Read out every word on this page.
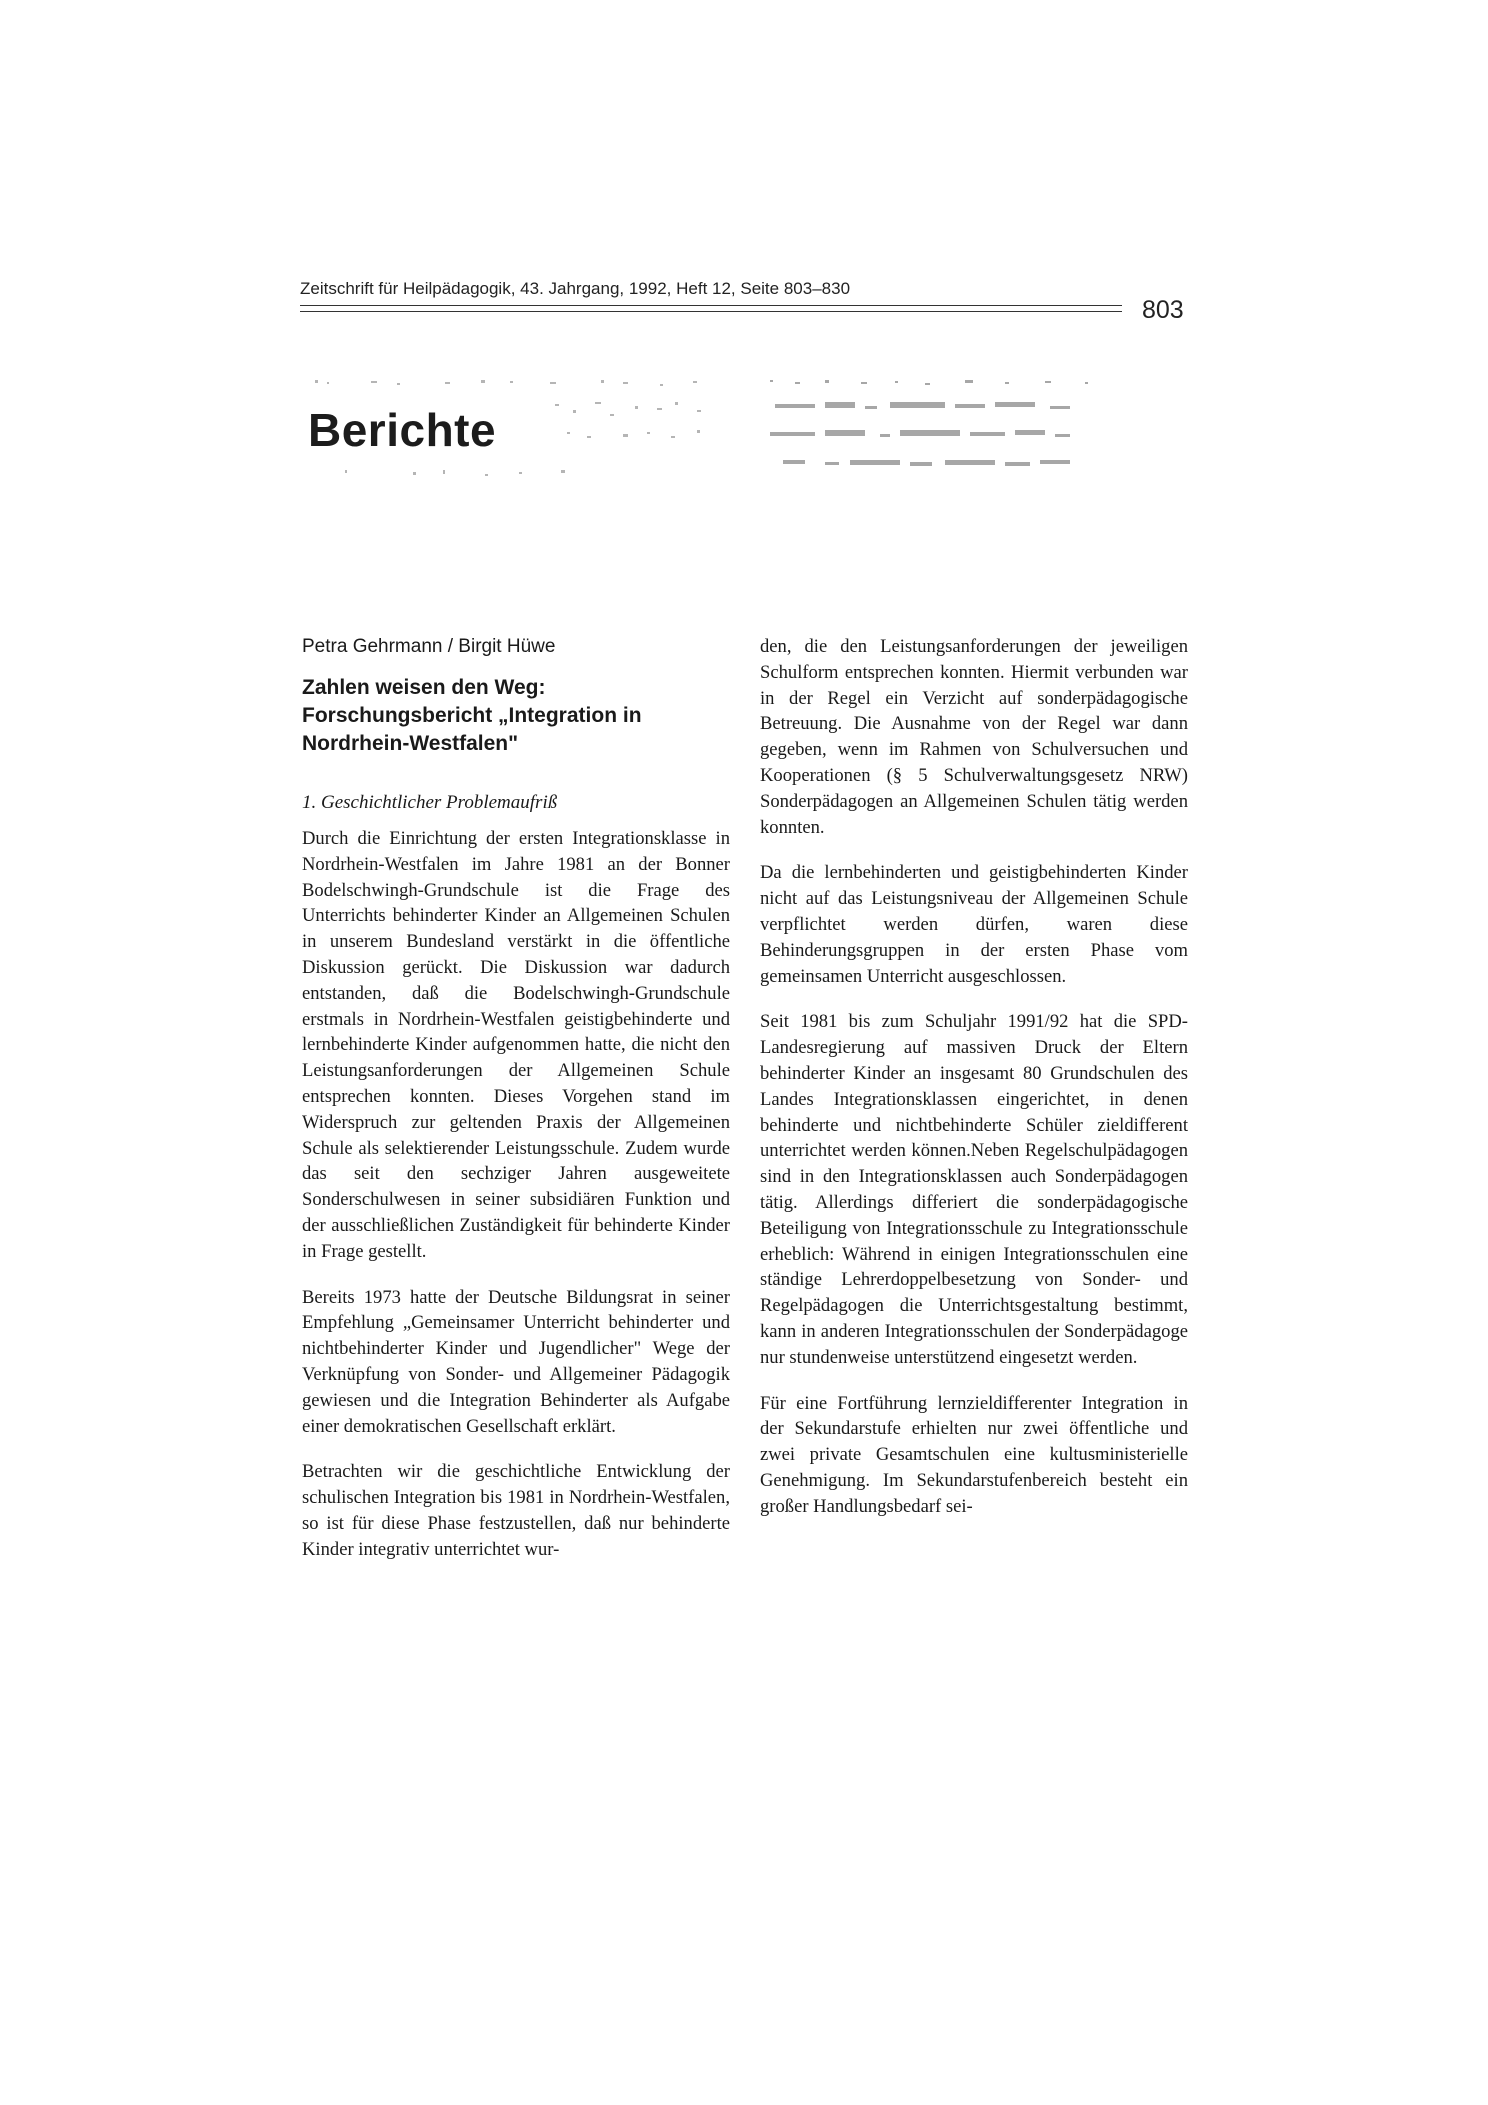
Zeitschrift für Heilpädagogik, 43. Jahrgang, 1992, Heft 12, Seite 803–830
803
Berichte
Petra Gehrmann / Birgit Hüwe
Zahlen weisen den Weg: Forschungsbericht „Integration in Nordrhein-Westfalen"
1. Geschichtlicher Problemaufriß

Durch die Einrichtung der ersten Integrationsklasse in Nordrhein-Westfalen im Jahre 1981 an der Bonner Bodelschwingh-Grundschule ist die Frage des Unterrichts behinderter Kinder an Allgemeinen Schulen in unserem Bundesland verstärkt in die öffentliche Diskussion gerückt. Die Diskussion war dadurch entstanden, daß die Bodelschwingh-Grundschule erstmals in Nordrhein-Westfalen geistigbehinderte und lernbehinderte Kinder aufgenommen hatte, die nicht den Leistungsanforderungen der Allgemeinen Schule entsprechen konnten. Dieses Vorgehen stand im Widerspruch zur geltenden Praxis der Allgemeinen Schule als selektierender Leistungsschule. Zudem wurde das seit den sechziger Jahren ausgeweitete Sonderschulwesen in seiner subsidiären Funktion und der ausschließlichen Zuständigkeit für behinderte Kinder in Frage gestellt.

Bereits 1973 hatte der Deutsche Bildungsrat in seiner Empfehlung „Gemeinsamer Unterricht behinderter und nichtbehinderter Kinder und Jugendlicher" Wege der Verknüpfung von Sonder- und Allgemeiner Pädagogik gewiesen und die Integration Behinderter als Aufgabe einer demokratischen Gesellschaft erklärt.

Betrachten wir die geschichtliche Entwicklung der schulischen Integration bis 1981 in Nordrhein-Westfalen, so ist für diese Phase festzustellen, daß nur behinderte Kinder integrativ unterrichtet wur-

den, die den Leistungsanforderungen der jeweiligen Schulform entsprechen konnten. Hiermit verbunden war in der Regel ein Verzicht auf sonderpädagogische Betreuung. Die Ausnahme von der Regel war dann gegeben, wenn im Rahmen von Schulversuchen und Kooperationen (§ 5 Schulverwaltungsgesetz NRW) Sonderpädagogen an Allgemeinen Schulen tätig werden konnten.

Da die lernbehinderten und geistigbehinderten Kinder nicht auf das Leistungsniveau der Allgemeinen Schule verpflichtet werden dürfen, waren diese Behinderungsgruppen in der ersten Phase vom gemeinsamen Unterricht ausgeschlossen.

Seit 1981 bis zum Schuljahr 1991/92 hat die SPD-Landesregierung auf massiven Druck der Eltern behinderter Kinder an insgesamt 80 Grundschulen des Landes Integrationsklassen eingerichtet, in denen behinderte und nichtbehinderte Schüler zieldifferent unterrichtet werden können.Neben Regelschulpädagogen sind in den Integrationsklassen auch Sonderpädagogen tätig. Allerdings differiert die sonderpädagogische Beteiligung von Integrationsschule zu Integrationsschule erheblich: Während in einigen Integrationsschulen eine ständige Lehrerdoppelbesetzung von Sonder- und Regelpädagogen die Unterrichtsgestaltung bestimmt, kann in anderen Integrationsschulen der Sonderpädagoge nur stundenweise unterstützend eingesetzt werden.

Für eine Fortführung lernzieldifferenter Integration in der Sekundarstufe erhielten nur zwei öffentliche und zwei private Gesamtschulen eine kultusministerielle Genehmigung. Im Sekundarstufenbereich besteht ein großer Handlungsbedarf sei-
